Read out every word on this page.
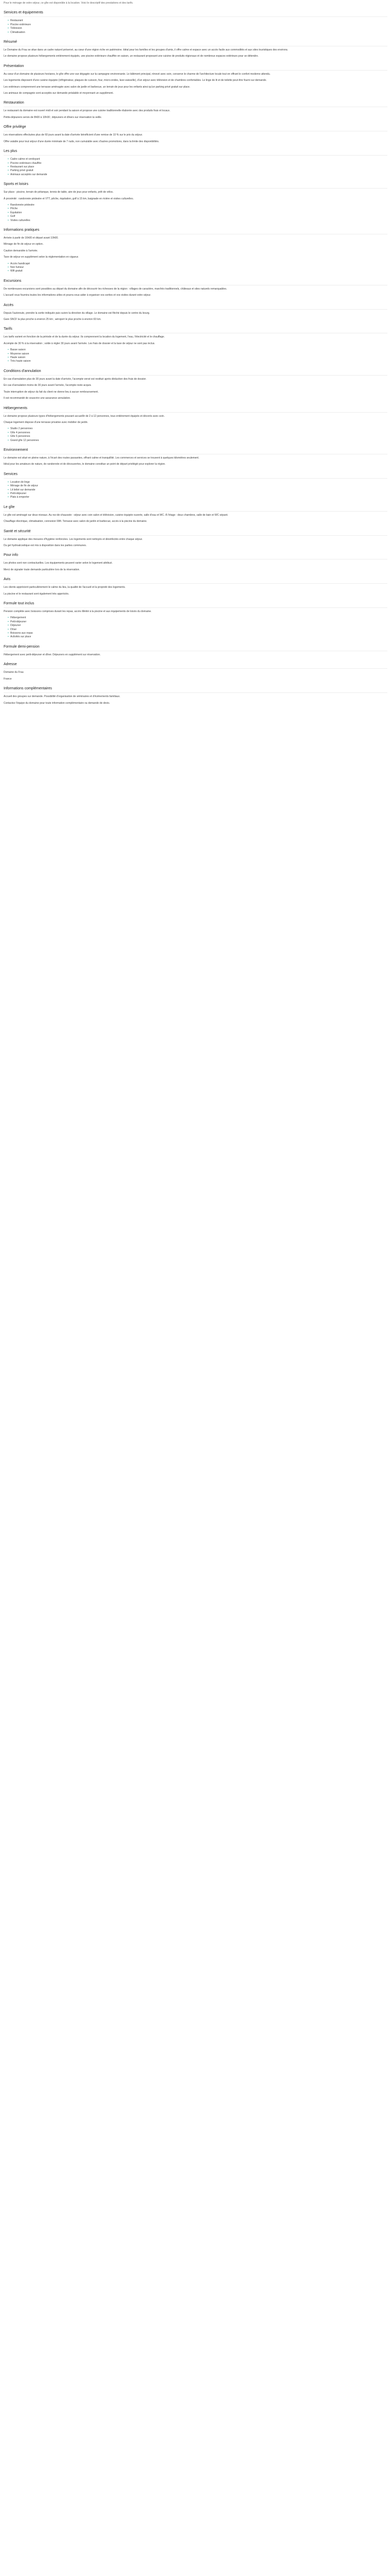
Pour le ménage de votre séjour, ce gîte est disponible à la location. Voici le descriptif des prestations et des tarifs.

Services et équipements
• Restaurant
• Piscine extérieure
• Télévision
• Climatisation
Résumé

Le Domaine du Frau se situe dans un cadre naturel préservé, au cœur d'une région riche en patrimoine. Idéal pour les familles et les groupes d'amis, il offre calme et espace avec un accès facile aux commodités et aux sites touristiques des environs.

Le domaine propose plusieurs hébergements entièrement équipés, une piscine extérieure chauffée en saison, un restaurant proposant une cuisine de produits régionaux et de nombreux espaces extérieurs pour se détendre.

Présentation

Au cœur d'un domaine de plusieurs hectares, le gîte offre une vue dégagée sur la campagne environnante. Le bâtiment principal, rénové avec soin, conserve le charme de l'architecture locale tout en offrant le confort moderne attendu.

Les logements disposent d'une cuisine équipée (réfrigérateur, plaques de cuisson, four, micro-ondes, lave-vaisselle), d'un séjour avec télévision et de chambres confortables. Le linge de lit et de toilette peut être fourni sur demande.

Les extérieurs comprennent une terrasse aménagée avec salon de jardin et barbecue, un terrain de jeux pour les enfants ainsi qu'un parking privé gratuit sur place.

Les animaux de compagnie sont acceptés sur demande préalable et moyennant un supplément.

Restauration

Le restaurant du domaine est ouvert midi et soir pendant la saison et propose une cuisine traditionnelle élaborée avec des produits frais et locaux.

Petits-déjeuners servis de 8h00 à 10h00 ; déjeuners et dîners sur réservation la veille.

Offre privilège

Les réservations effectuées plus de 60 jours avant la date d'arrivée bénéficient d'une remise de 10 % sur le prix du séjour.

Offre valable pour tout séjour d'une durée minimale de 7 nuits, non cumulable avec d'autres promotions, dans la limite des disponibilités.

Les plus
• Cadre calme et verdoyant
• Piscine extérieure chauffée
• Restaurant sur place
• Parking privé gratuit
• Animaux acceptés sur demande
Sports et loisirs

Sur place : piscine, terrain de pétanque, tennis de table, aire de jeux pour enfants, prêt de vélos.

À proximité : randonnée pédestre et VTT, pêche, équitation, golf à 15 km, baignade en rivière et visites culturelles.

• Randonnée pédestre
• Pêche
• Équitation
• Golf
• Visites culturelles
Informations pratiques

Arrivée à partir de 16h00 et départ avant 10h00.

Ménage de fin de séjour en option.

Caution demandée à l'arrivée.

Taxe de séjour en supplément selon la réglementation en vigueur.

• Accès handicapé
• Non fumeur
• Wifi gratuit
Excursions

De nombreuses excursions sont possibles au départ du domaine afin de découvrir les richesses de la région : villages de caractère, marchés traditionnels, châteaux et sites naturels remarquables.

L'accueil vous fournira toutes les informations utiles et pourra vous aider à organiser vos sorties et vos visites durant votre séjour.

Accès

Depuis l'autoroute, prendre la sortie indiquée puis suivre la direction du village. Le domaine est fléché depuis le centre du bourg.

Gare SNCF la plus proche à environ 25 km ; aéroport le plus proche à environ 60 km.

Tarifs

Les tarifs varient en fonction de la période et de la durée du séjour. Ils comprennent la location du logement, l'eau, l'électricité et le chauffage.

Acompte de 30 % à la réservation ; solde à régler 30 jours avant l'arrivée. Les frais de dossier et la taxe de séjour ne sont pas inclus.

• Basse saison
• Moyenne saison
• Haute saison
• Très haute saison
Conditions d'annulation

En cas d'annulation plus de 30 jours avant la date d'arrivée, l'acompte versé est restitué après déduction des frais de dossier.

En cas d'annulation moins de 30 jours avant l'arrivée, l'acompte reste acquis.

Toute interruption de séjour du fait du client ne donne lieu à aucun remboursement.

Il est recommandé de souscrire une assurance annulation.

Hébergements

Le domaine propose plusieurs types d'hébergements pouvant accueillir de 2 à 12 personnes, tous entièrement équipés et décorés avec soin.

Chaque logement dispose d'une terrasse privative avec mobilier de jardin.

• Studio 2 personnes
• Gîte 4 personnes
• Gîte 6 personnes
• Grand gîte 12 personnes
Environnement

Le domaine est situé en pleine nature, à l'écart des routes passantes, offrant calme et tranquillité. Les commerces et services se trouvent à quelques kilomètres seulement.

Idéal pour les amateurs de nature, de randonnée et de découvertes, le domaine constitue un point de départ privilégié pour explorer la région.

Services
• Location de linge
• Ménage de fin de séjour
• Lit bébé sur demande
• Petit-déjeuner
• Plats à emporter
Le gîte

Le gîte est aménagé sur deux niveaux. Au rez-de-chaussée : séjour avec coin salon et télévision, cuisine équipée ouverte, salle d'eau et WC. À l'étage : deux chambres, salle de bain et WC séparé.

Chauffage électrique, climatisation, connexion Wifi. Terrasse avec salon de jardin et barbecue, accès à la piscine du domaine.

Santé et sécurité

Le domaine applique des mesures d'hygiène renforcées. Les logements sont nettoyés et désinfectés entre chaque séjour.

Du gel hydroalcoolique est mis à disposition dans les parties communes.

Pour info

Les photos sont non contractuelles. Les équipements peuvent varier selon le logement attribué.

Merci de signaler toute demande particulière lors de la réservation.

Avis

Les clients apprécient particulièrement le calme du lieu, la qualité de l'accueil et la propreté des logements.

La piscine et le restaurant sont également très appréciés.

Formule tout inclus

Pension complète avec boissons comprises durant les repas, accès illimité à la piscine et aux équipements de loisirs du domaine.

• Hébergement
• Petit-déjeuner
• Déjeuner
• Dîner
• Boissons aux repas
• Activités sur place
Formule demi-pension

Hébergement avec petit-déjeuner et dîner. Déjeuners en supplément sur réservation.

Adresse

Domaine du Frau

France

Informations complémentaires

Accueil des groupes sur demande. Possibilité d'organisation de séminaires et d'événements familiaux.

Contactez l'équipe du domaine pour toute information complémentaire ou demande de devis.
